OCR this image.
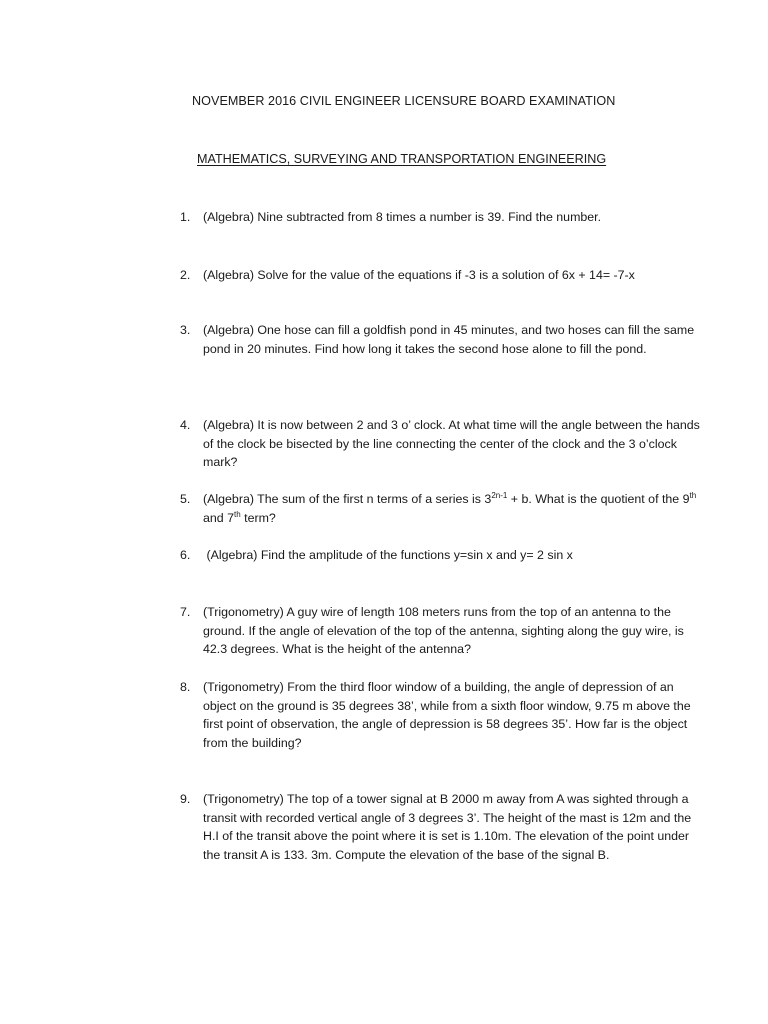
NOVEMBER 2016 CIVIL ENGINEER LICENSURE BOARD EXAMINATION
MATHEMATICS, SURVEYING AND TRANSPORTATION ENGINEERING
1.	(Algebra) Nine subtracted from 8 times a number is 39. Find the number.
2.	(Algebra) Solve for the value of the equations if -3 is a solution of 6x + 14= -7-x
3.	(Algebra) One hose can fill a goldfish pond in 45 minutes, and two hoses can fill the same pond in 20 minutes. Find how long it takes the second hose alone to fill the pond.
4.	(Algebra) It is now between 2 and 3 o’ clock. At what time will the angle between the hands of the clock be bisected by the line connecting the center of the clock and the 3 o’clock mark?
5.	(Algebra) The sum of the first n terms of a series is $3^{2n-1} + b$. What is the quotient of the 9th and 7th term?
6.	(Algebra) Find the amplitude of the functions y=sin x and y= 2 sin x
7.	(Trigonometry) A guy wire of length 108 meters runs from the top of an antenna to the ground. If the angle of elevation of the top of the antenna, sighting along the guy wire, is 42.3 degrees. What is the height of the antenna?
8.	(Trigonometry) From the third floor window of a building, the angle of depression of an object on the ground is 35 degrees 38’, while from a sixth floor window, 9.75 m above the first point of observation, the angle of depression is 58 degrees 35’. How far is the object from the building?
9.	(Trigonometry) The top of a tower signal at B 2000 m away from A was sighted through a transit with recorded vertical angle of 3 degrees 3’. The height of the mast is 12m and the H.I of the transit above the point where it is set is 1.10m. The elevation of the point under the transit A is 133. 3m. Compute the elevation of the base of the signal B.
